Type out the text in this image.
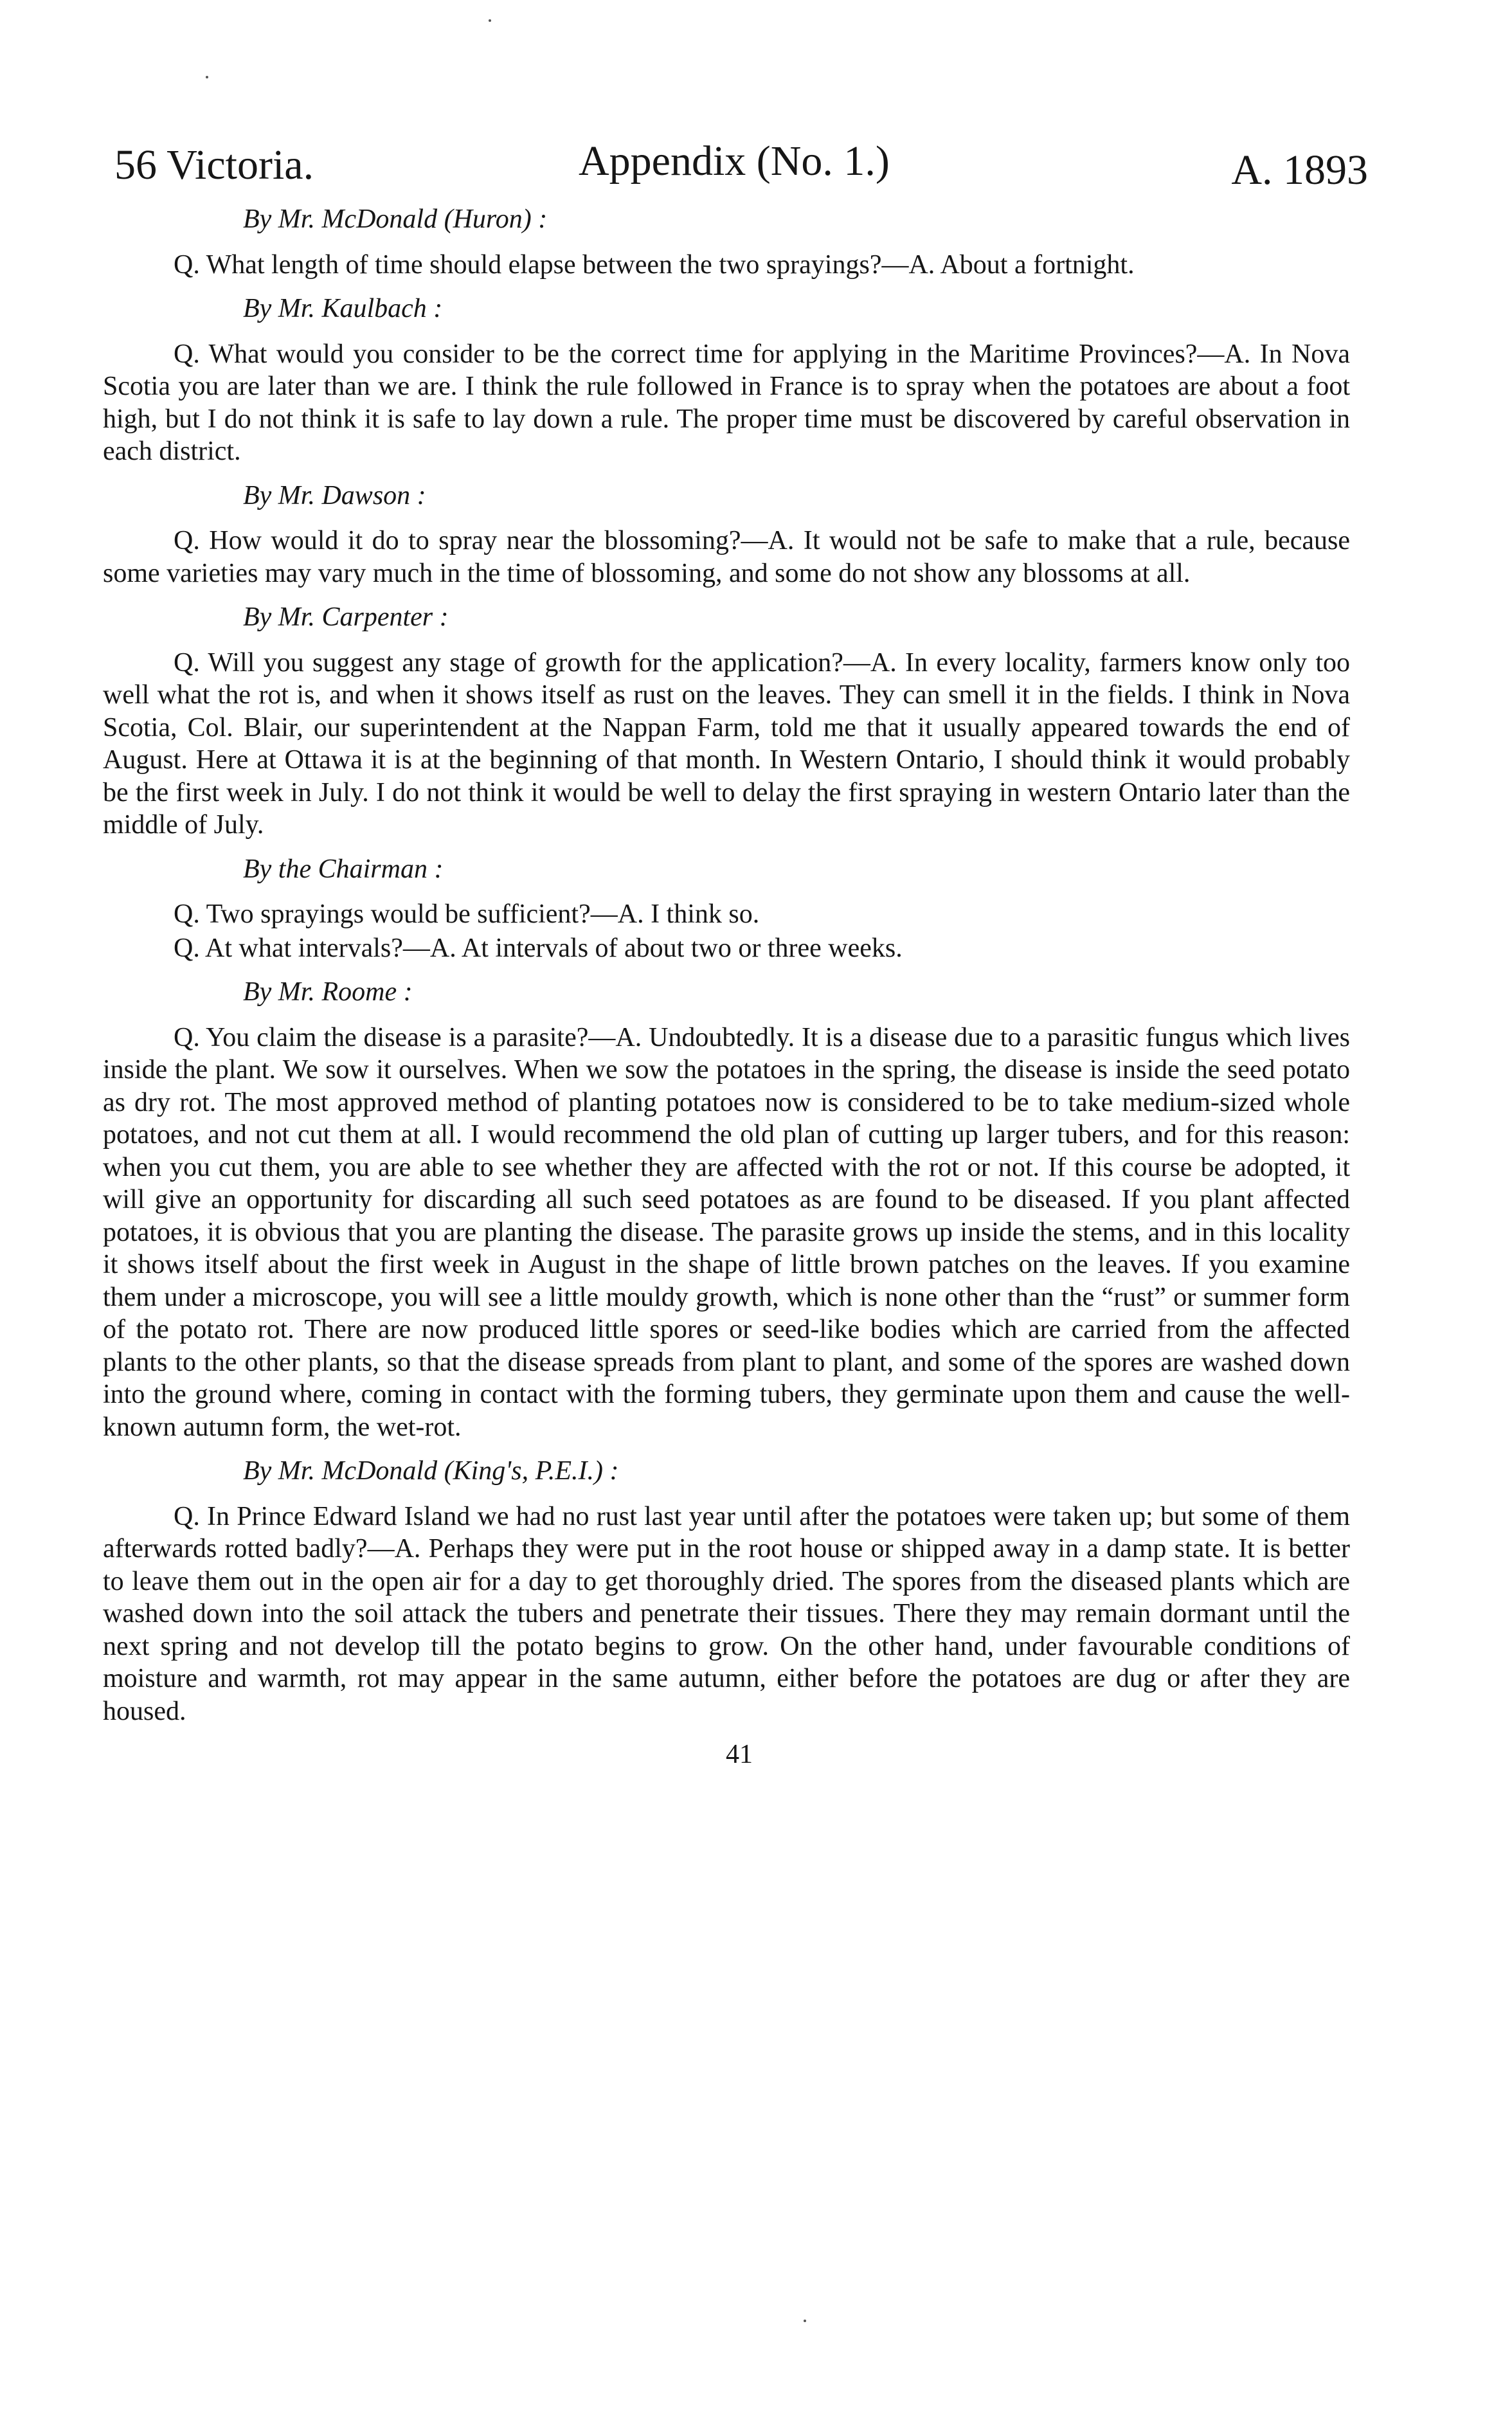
56 Victoria.	Appendix (No. 1.)	A. 1893
By Mr. McDonald (Huron) :

Q. What length of time should elapse between the two sprayings?—A. About a fortnight.

By Mr. Kaulbach :

Q. What would you consider to be the correct time for applying in the Maritime Provinces?—A. In Nova Scotia you are later than we are. I think the rule followed in France is to spray when the potatoes are about a foot high, but I do not think it is safe to lay down a rule. The proper time must be discovered by careful observation in each district.

By Mr. Dawson :

Q. How would it do to spray near the blossoming?—A. It would not be safe to make that a rule, because some varieties may vary much in the time of blossoming, and some do not show any blossoms at all.

By Mr. Carpenter :

Q. Will you suggest any stage of growth for the application?—A. In every locality, farmers know only too well what the rot is, and when it shows itself as rust on the leaves. They can smell it in the fields. I think in Nova Scotia, Col. Blair, our superintendent at the Nappan Farm, told me that it usually appeared towards the end of August. Here at Ottawa it is at the beginning of that month. In Western Ontario, I should think it would probably be the first week in July. I do not think it would be well to delay the first spraying in western Ontario later than the middle of July.

By the Chairman :

Q. Two sprayings would be sufficient?—A. I think so.

Q. At what intervals?—A. At intervals of about two or three weeks.

By Mr. Roome :

Q. You claim the disease is a parasite?—A. Undoubtedly. It is a disease due to a parasitic fungus which lives inside the plant. We sow it ourselves. When we sow the potatoes in the spring, the disease is inside the seed potato as dry rot. The most approved method of planting potatoes now is considered to be to take medium-sized whole potatoes, and not cut them at all. I would recommend the old plan of cutting up larger tubers, and for this reason: when you cut them, you are able to see whether they are affected with the rot or not. If this course be adopted, it will give an opportunity for discarding all such seed potatoes as are found to be diseased. If you plant affected potatoes, it is obvious that you are planting the disease. The parasite grows up inside the stems, and in this locality it shows itself about the first week in August in the shape of little brown patches on the leaves. If you examine them under a microscope, you will see a little mouldy growth, which is none other than the “rust” or summer form of the potato rot. There are now produced little spores or seed-like bodies which are carried from the affected plants to the other plants, so that the disease spreads from plant to plant, and some of the spores are washed down into the ground where, coming in contact with the forming tubers, they germinate upon them and cause the well-known autumn form, the wet-rot.

By Mr. McDonald (King's, P.E.I.) :

Q. In Prince Edward Island we had no rust last year until after the potatoes were taken up; but some of them afterwards rotted badly?—A. Perhaps they were put in the root house or shipped away in a damp state. It is better to leave them out in the open air for a day to get thoroughly dried. The spores from the diseased plants which are washed down into the soil attack the tubers and penetrate their tissues. There they may remain dormant until the next spring and not develop till the potato begins to grow. On the other hand, under favourable conditions of moisture and warmth, rot may appear in the same autumn, either before the potatoes are dug or after they are housed.

41
